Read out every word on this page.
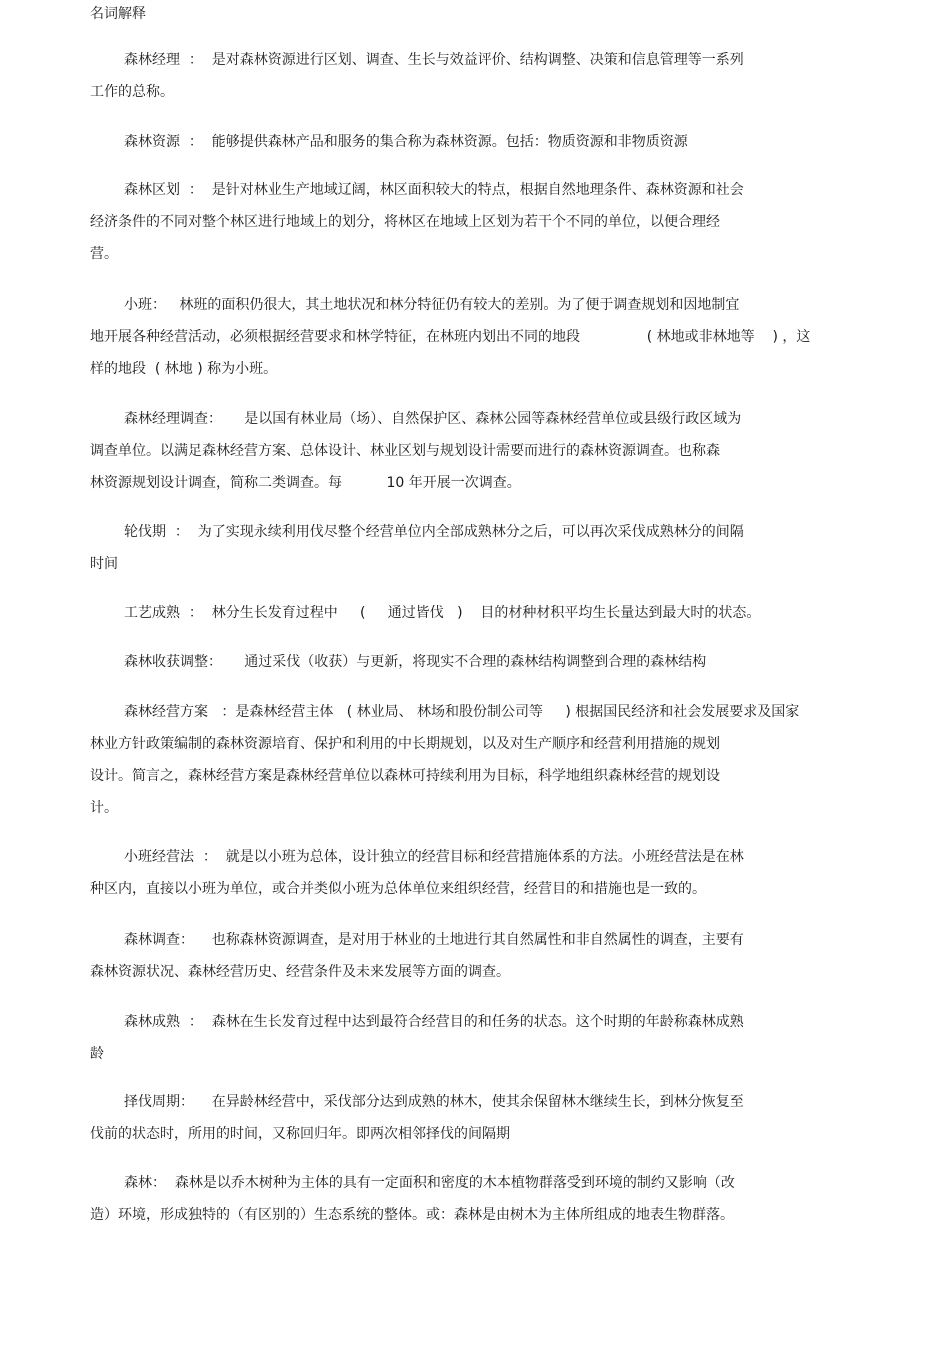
名词解释
森林经理  ：  是对森林资源进行区划、调查、生长与效益评价、结构调整、决策和信息管理等一系列
工作的总称。
森林资源  ：  能够提供森林产品和服务的集合称为森林资源。包括：物质资源和非物质资源
森林区划  ：  是针对林业生产地域辽阔，林区面积较大的特点，根据自然地理条件、森林资源和社会
经济条件的不同对整个林区进行地域上的划分，将林区在地域上区划为若干个不同的单位，以便合理经
营。
小班：   林班的面积仍很大，其土地状况和林分特征仍有较大的差别。为了便于调查规划和因地制宜
地开展各种经营活动，必须根据经营要求和林学特征，在林班内划出不同的地段               ( 林地或非林地等    ) ，这
样的地段  ( 林地 ) 称为小班。
森林经理调查：     是以国有林业局（场）、自然保护区、森林公园等森林经营单位或县级行政区域为
调查单位。以满足森林经营方案、总体设计、林业区划与规划设计需要而进行的森林资源调查。也称森
林资源规划设计调查，简称二类调查。每          10 年开展一次调查。
轮伐期  ：  为了实现永续利用伐尽整个经营单位内全部成熟林分之后，可以再次采伐成熟林分的间隔
时间
工艺成熟  ：  林分生长发育过程中     (     通过皆伐   )    目的材种材积平均生长量达到最大时的状态。
森林收获调整：     通过采伐（收获）与更新，将现实不合理的森林结构调整到合理的森林结构
森林经营方案   ：是森林经营主体   ( 林业局、 林场和股份制公司等     ) 根据国民经济和社会发展要求及国家
林业方针政策编制的森林资源培育、保护和利用的中长期规划，以及对生产顺序和经营利用措施的规划
设计。简言之，森林经营方案是森林经营单位以森林可持续利用为目标，科学地组织森林经营的规划设
计。
小班经营法  ：  就是以小班为总体，设计独立的经营目标和经营措施体系的方法。小班经营法是在林
种区内，直接以小班为单位，或合并类似小班为总体单位来组织经营，经营目的和措施也是一致的。
森林调查：    也称森林资源调查，是对用于林业的土地进行其自然属性和非自然属性的调查，主要有
森林资源状况、森林经营历史、经营条件及未来发展等方面的调查。
森林成熟  ：  森林在生长发育过程中达到最符合经营目的和任务的状态。这个时期的年龄称森林成熟
龄
择伐周期：    在异龄林经营中，采伐部分达到成熟的林木，使其余保留林木继续生长，到林分恢复至
伐前的状态时，所用的时间，又称回归年。即两次相邻择伐的间隔期
森林：  森林是以乔木树种为主体的具有一定面积和密度的木本植物群落受到环境的制约又影响（改
造）环境，形成独特的（有区别的）生态系统的整体。或：森林是由树木为主体所组成的地表生物群落。
